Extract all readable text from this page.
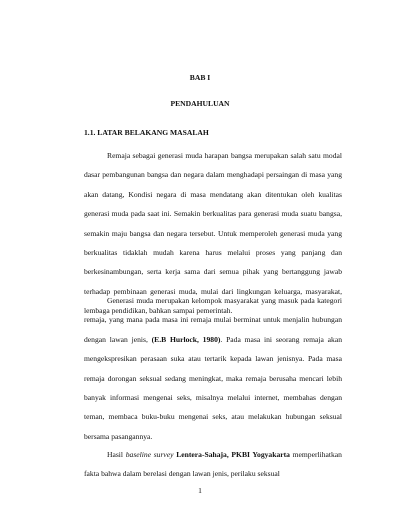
BAB I
PENDAHULUAN
1.1. LATAR BELAKANG MASALAH
Remaja sebagai generasi muda harapan bangsa merupakan salah satu modal dasar pembangunan bangsa dan negara dalam menghadapi persaingan di masa yang akan datang, Kondisi negara di masa mendatang akan ditentukan oleh kualitas generasi muda pada saat ini. Semakin berkualitas para generasi muda suatu bangsa, semakin maju bangsa dan negara tersebut. Untuk memperoleh generasi muda yang berkualitas tidaklah mudah karena harus melalui proses yang panjang dan berkesinambungan, serta kerja sama dari semua pihak yang bertanggung jawab terhadap pembinaan generasi muda, mulai dari lingkungan keluarga, masyarakat, lembaga pendidikan, bahkan sampai pemerintah.
Generasi muda merupakan kelompok masyarakat yang masuk pada kategori remaja, yang mana pada masa ini remaja mulai berminat untuk menjalin hubungan dengan lawan jenis, (E.B Hurlock, 1980). Pada masa ini seorang remaja akan mengekspresikan perasaan suka atau tertarik kepada lawan jenisnya. Pada masa remaja dorongan seksual sedang meningkat, maka remaja berusaha mencari lebih banyak informasi mengenai seks, misalnya melalui internet, membahas dengan teman, membaca buku-buku mengenai seks, atau melakukan hubungan seksual bersama pasangannya.
Hasil baseline survey Lentera-Sahaja, PKBI Yogyakarta memperlihatkan fakta bahwa dalam berelasi dengan lawan jenis, perilaku seksual
1
